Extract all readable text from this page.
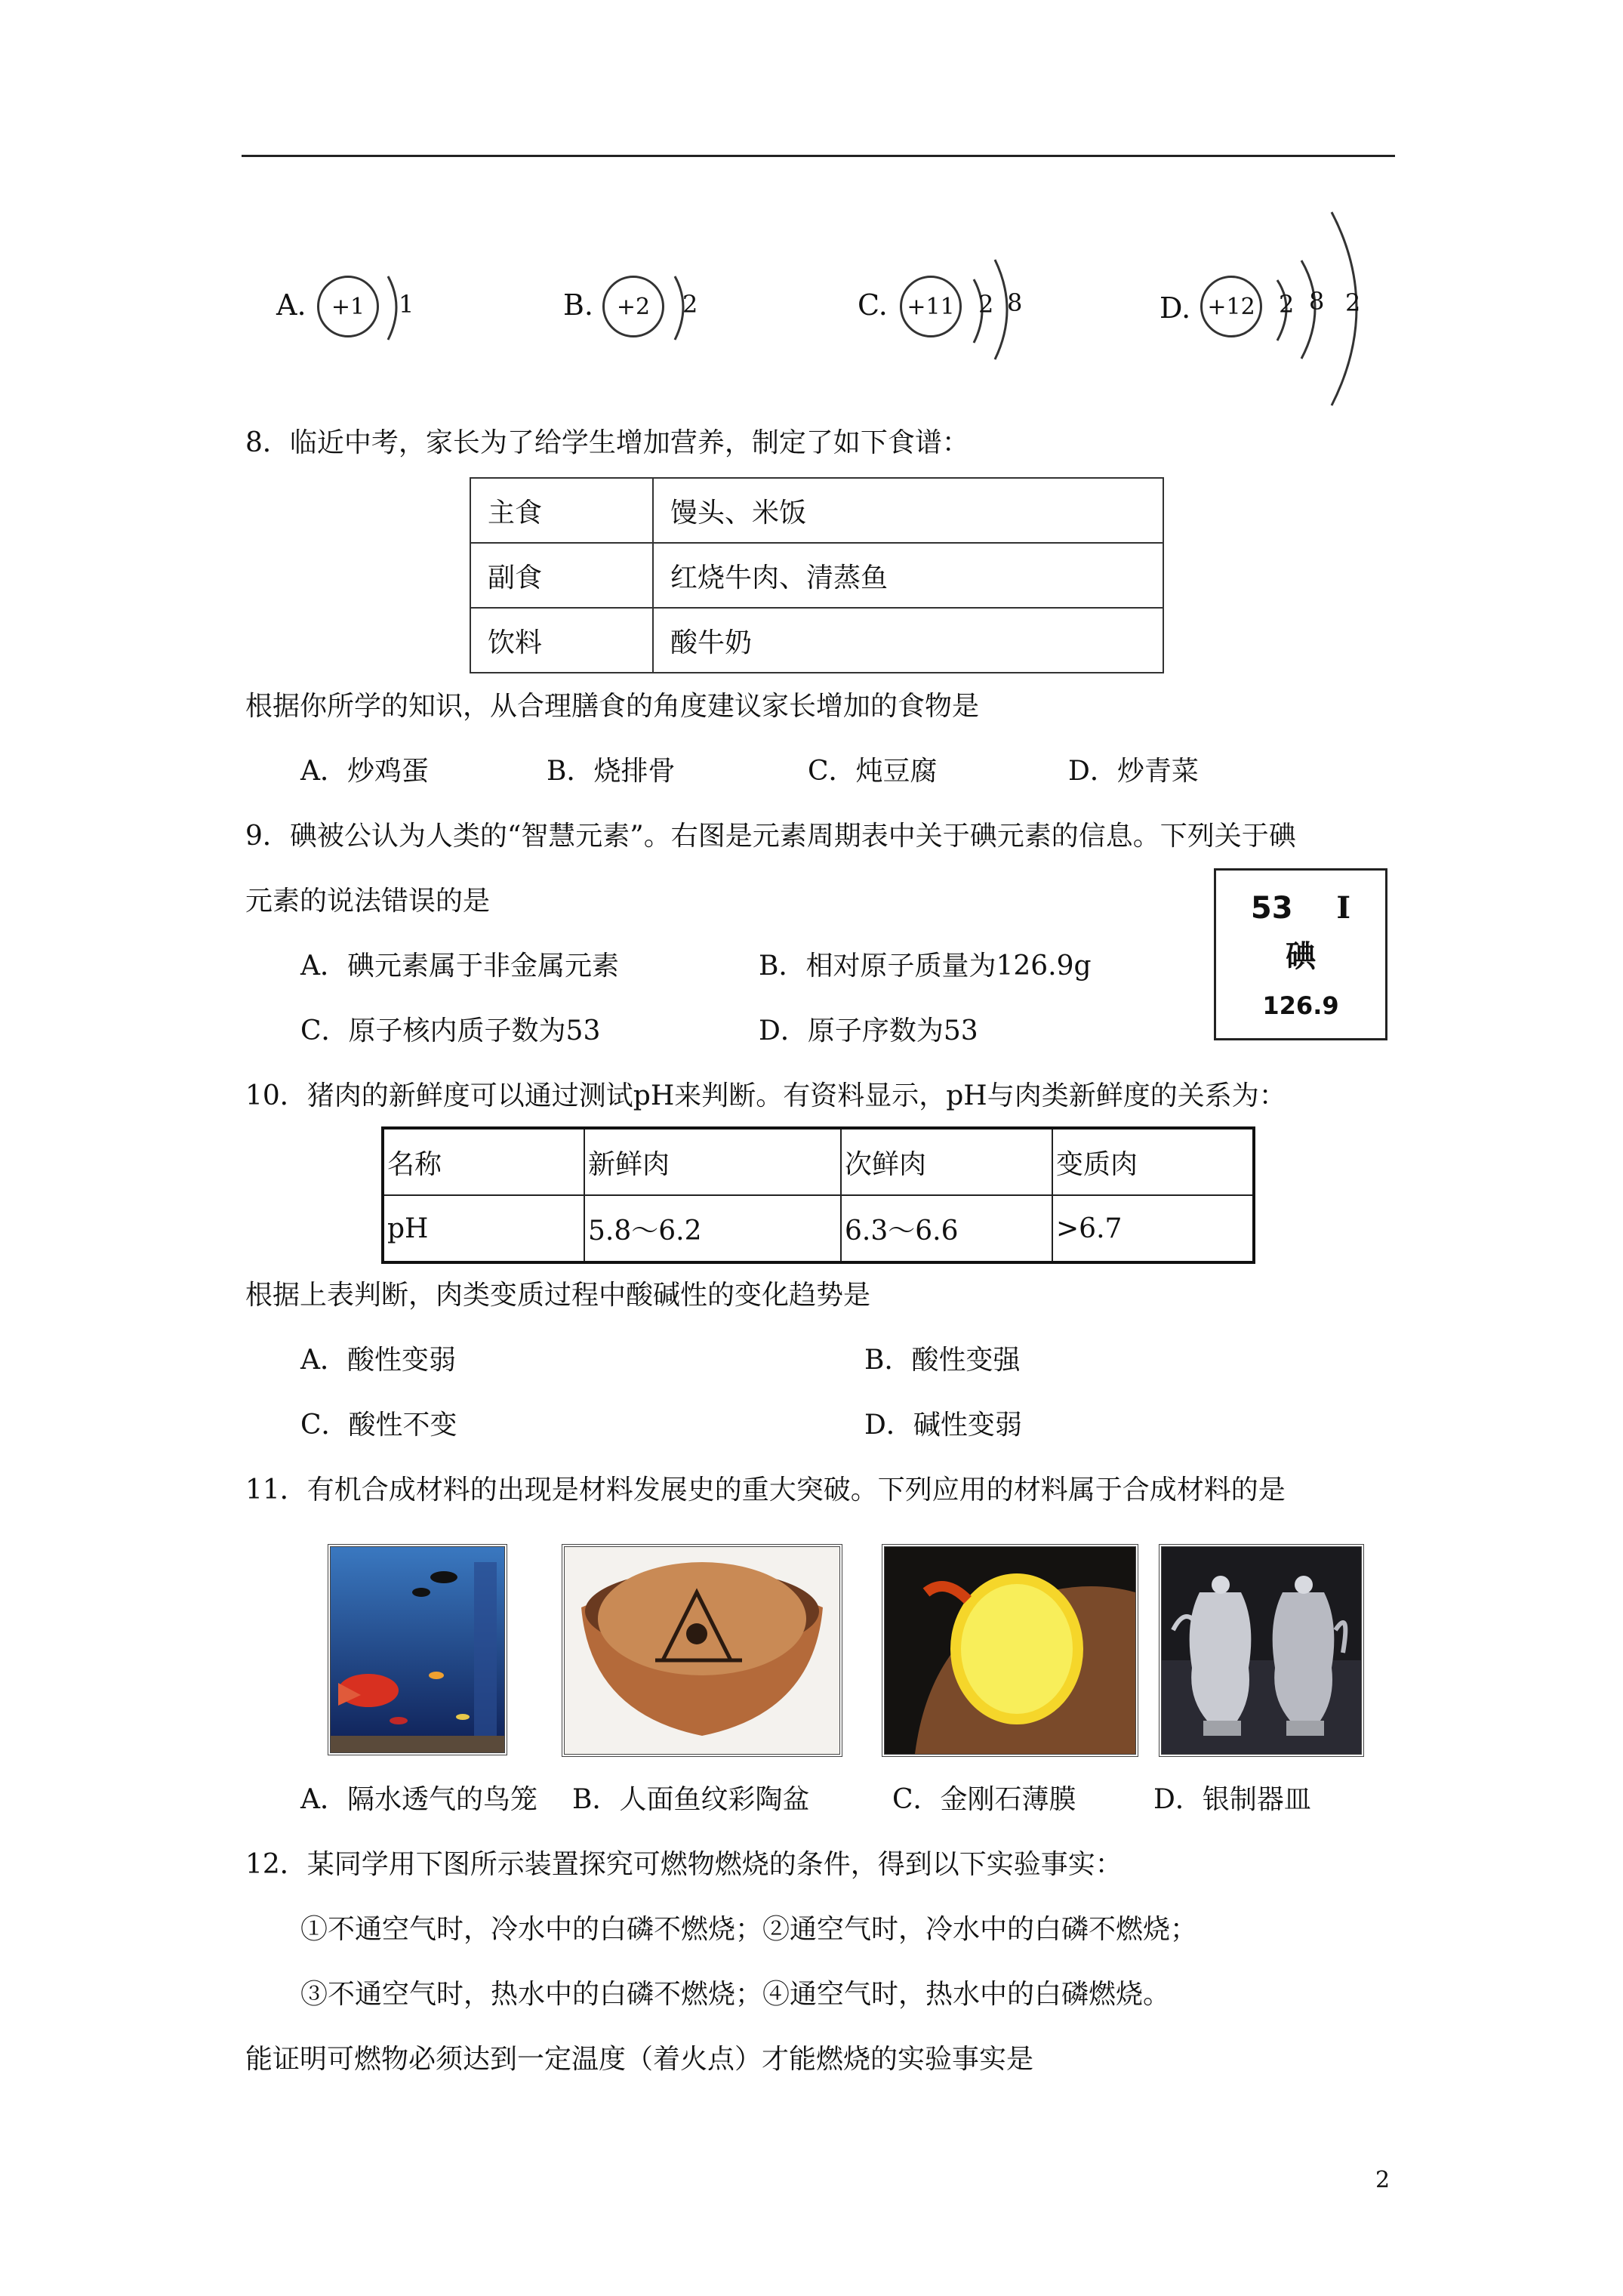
A.	+1	1	B.	+2	2	C. +11 2 8	D. +12 2 8 2
8．临近中考，家长为了给学生增加营养，制定了如下食谱：
主食	馒头、米饭
副食	红烧牛肉、清蒸鱼
饮料	酸牛奶
根据你所学的知识，从合理膳食的角度建议家长增加的食物是
A．炒鸡蛋	B．烧排骨	C．炖豆腐	D．炒青菜
9．碘被公认为人类的“智慧元素”。右图是元素周期表中关于碘元素的信息。下列关于碘
元素的说法错误的是
A．碘元素属于非金属元素	B．相对原子质量为126.9g
C．原子核内质子数为53	D．原子序数为53
53 I
碘
126.9
10．猪肉的新鲜度可以通过测试pH来判断。有资料显示，pH与肉类新鲜度的关系为：
名称	新鲜肉	次鲜肉	变质肉
pH	5.8～6.2	6.3～6.6	>6.7
根据上表判断，肉类变质过程中酸碱性的变化趋势是
A．酸性变弱	B．酸性变强
C．酸性不变	D．碱性变弱
11．有机合成材料的出现是材料发展史的重大突破。下列应用的材料属于合成材料的是
A．隔水透气的鸟笼 B．人面鱼纹彩陶盆	C．金刚石薄膜	D．银制器皿
12．某同学用下图所示装置探究可燃物燃烧的条件，得到以下实验事实：
①不通空气时，冷水中的白磷不燃烧；②通空气时，冷水中的白磷不燃烧；
③不通空气时，热水中的白磷不燃烧；④通空气时，热水中的白磷燃烧。
能证明可燃物必须达到一定温度（着火点）才能燃烧的实验事实是
2
